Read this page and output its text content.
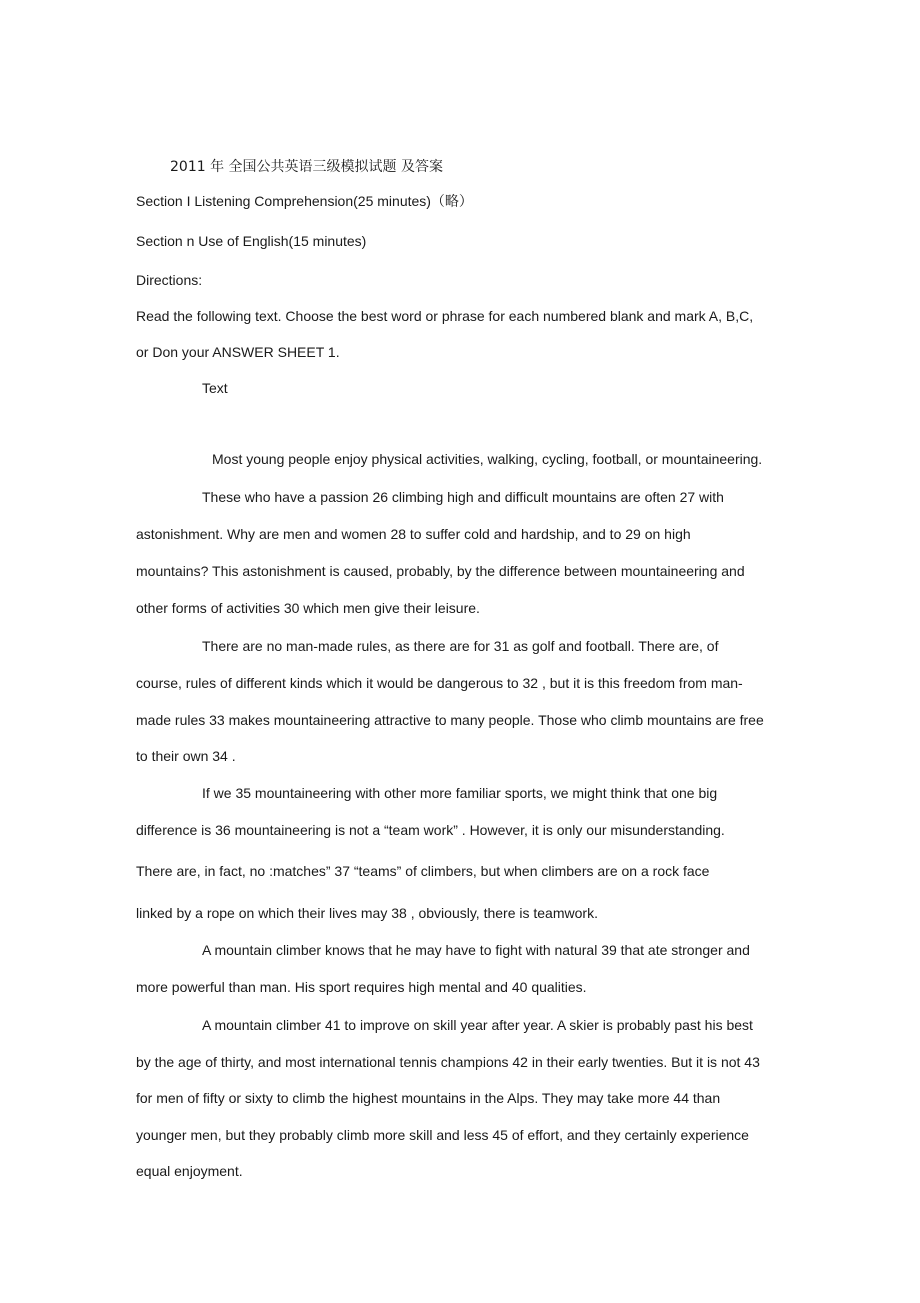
2011 年 全国公共英语三级模拟试题 及答案
Section I Listening Comprehension(25 minutes)（略）
Section n Use of English(15 minutes)
Directions:
Read the following text. Choose the best word or phrase for each numbered blank and mark A, B,C,
or Don your ANSWER SHEET 1.
Text
Most young people enjoy physical activities, walking, cycling, football, or mountaineering.
These who have a passion 26 climbing high and difficult mountains are often 27 with
astonishment. Why are men and women 28 to suffer cold and hardship, and to 29 on high
mountains? This astonishment is caused, probably, by the difference between mountaineering and
other forms of activities 30 which men give their leisure.
There are no man-made rules, as there are for 31 as golf and football. There are, of
course, rules of different kinds which it would be dangerous to 32 , but it is this freedom from man-
made rules 33 makes mountaineering attractive to many people. Those who climb mountains are free
to their own 34 .
If we 35 mountaineering with other more familiar sports, we might think that one big
difference is 36 mountaineering is not a “team work” . However, it is only our misunderstanding.
There are, in fact, no :matches” 37 “teams” of climbers, but when climbers are on a rock face
linked by a rope on which their lives may 38 , obviously, there is teamwork.
A mountain climber knows that he may have to fight with natural 39 that ate stronger and
more powerful than man. His sport requires high mental and 40 qualities.
A mountain climber 41 to improve on skill year after year. A skier is probably past his best
by the age of thirty, and most international tennis champions 42 in their early twenties. But it is not 43
for men of fifty or sixty to climb the highest mountains in the Alps. They may take more 44 than
younger men, but they probably climb more skill and less 45 of effort, and they certainly experience
equal enjoyment.
